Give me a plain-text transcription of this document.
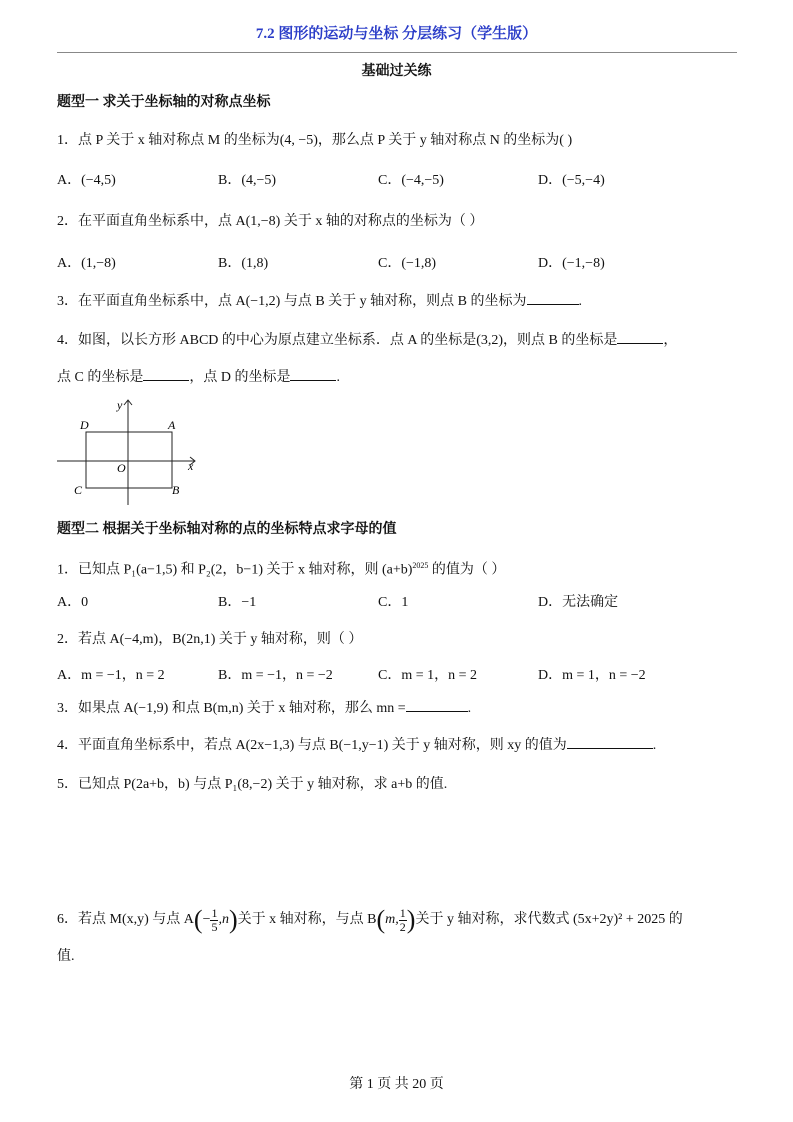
7.2 图形的运动与坐标 分层练习（学生版）
基础过关练
题型一 求关于坐标轴的对称点坐标
1．点 P 关于 x 轴对称点 M 的坐标为(4, −5)，那么点 P 关于 y 轴对称点 N 的坐标为( )
A．(−4,5)	B．(4,−5)	C．(−4,−5)	D．(−5,−4)
2．在平面直角坐标系中，点 A(1,−8) 关于 x 轴的对称点的坐标为（ ）
A．(1,−8)	B．(1,8)	C．(−1,8)	D．(−1,−8)
3．在平面直角坐标系中，点 A(−1,2) 与点 B 关于 y 轴对称，则点 B 的坐标为	.
4．如图，以长方形 ABCD 的中心为原点建立坐标系．点 A 的坐标是(3,2)，则点 B 的坐标是	，
点 C 的坐标是	，点 D 的坐标是	.
D	A
C	B
O	x
y
题型二 根据关于坐标轴对称的点的坐标特点求字母的值
1．已知点 P₁(a−1,5) 和 P₂(2，b−1) 关于 x 轴对称，则 $(a+b)^{2025}$ 的值为（ ）
A．0	B．−1	C．1	D．无法确定
2．若点 A(−4,m)，B(2n,1) 关于 y 轴对称，则（ ）
A．m = −1，n = 2	B．m = −1，n = −2	C．m = 1，n = 2	D．m = 1，n = −2
3．如果点 A(−1,9) 和点 B(m,n) 关于 x 轴对称，那么 mn =	.
4．平面直角坐标系中，若点 A(2x−1,3) 与点 B(−1,y−1) 关于 y 轴对称，则 xy 的值为	.
5．已知点 P(2a+b，b) 与点 P₁(8,−2) 关于 y 轴对称，求 a+b 的值.
6．若点 M(x,y) 与点 $A(- \frac{1}{5} ,n)$关于 x 轴对称，与点 B(m, $\frac{1}{2}$ )关于 y 轴对称，求代数式 (5x+2y)² + 2025 的
值.
第 1 页 共 20 页
